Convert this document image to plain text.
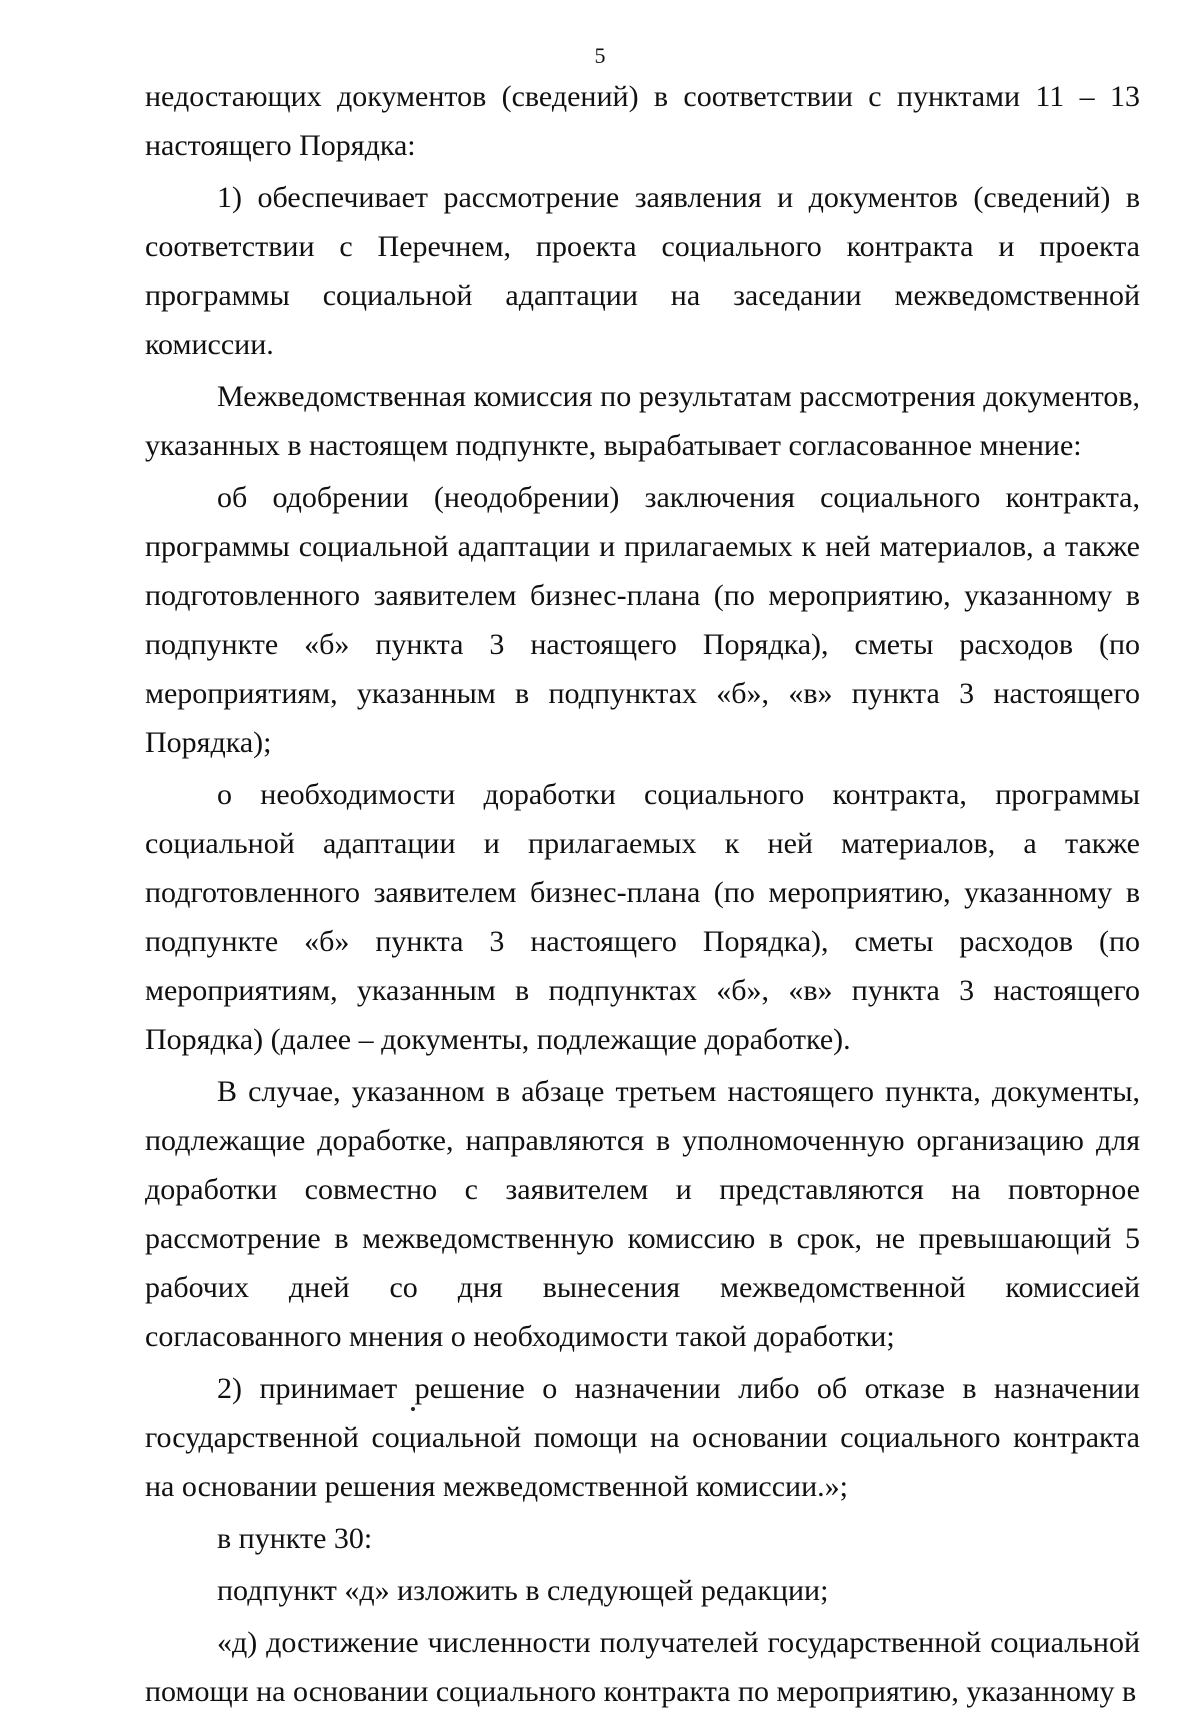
5

недостающих документов (сведений) в соответствии с пунктами 11 – 13 настоящего Порядка:

1) обеспечивает рассмотрение заявления и документов (сведений) в соответствии с Перечнем, проекта социального контракта и проекта программы социальной адаптации на заседании межведомственной комиссии.

Межведомственная комиссия по результатам рассмотрения документов, указанных в настоящем подпункте, вырабатывает согласованное мнение:

об одобрении (неодобрении) заключения социального контракта, программы социальной адаптации и прилагаемых к ней материалов, а также подготовленного заявителем бизнес-плана (по мероприятию, указанному в подпункте «б» пункта 3 настоящего Порядка), сметы расходов (по мероприятиям, указанным в подпунктах «б», «в» пункта 3 настоящего Порядка);

о необходимости доработки социального контракта, программы социальной адаптации и прилагаемых к ней материалов, а также подготовленного заявителем бизнес-плана (по мероприятию, указанному в подпункте «б» пункта 3 настоящего Порядка), сметы расходов (по мероприятиям, указанным в подпунктах «б», «в» пункта 3 настоящего Порядка) (далее – документы, подлежащие доработке).

В случае, указанном в абзаце третьем настоящего пункта, документы, подлежащие доработке, направляются в уполномоченную организацию для доработки совместно с заявителем и представляются на повторное рассмотрение в межведомственную комиссию в срок, не превышающий 5 рабочих дней со дня вынесения межведомственной комиссией согласованного мнения о необходимости такой доработки;

2) принимает решение о назначении либо об отказе в назначении государственной социальной помощи на основании социального контракта на основании решения межведомственной комиссии.»;

в пункте 30:

подпункт «д» изложить в следующей редакции;

«д) достижение численности получателей государственной социальной помощи на основании социального контракта по мероприятию, указанному в
